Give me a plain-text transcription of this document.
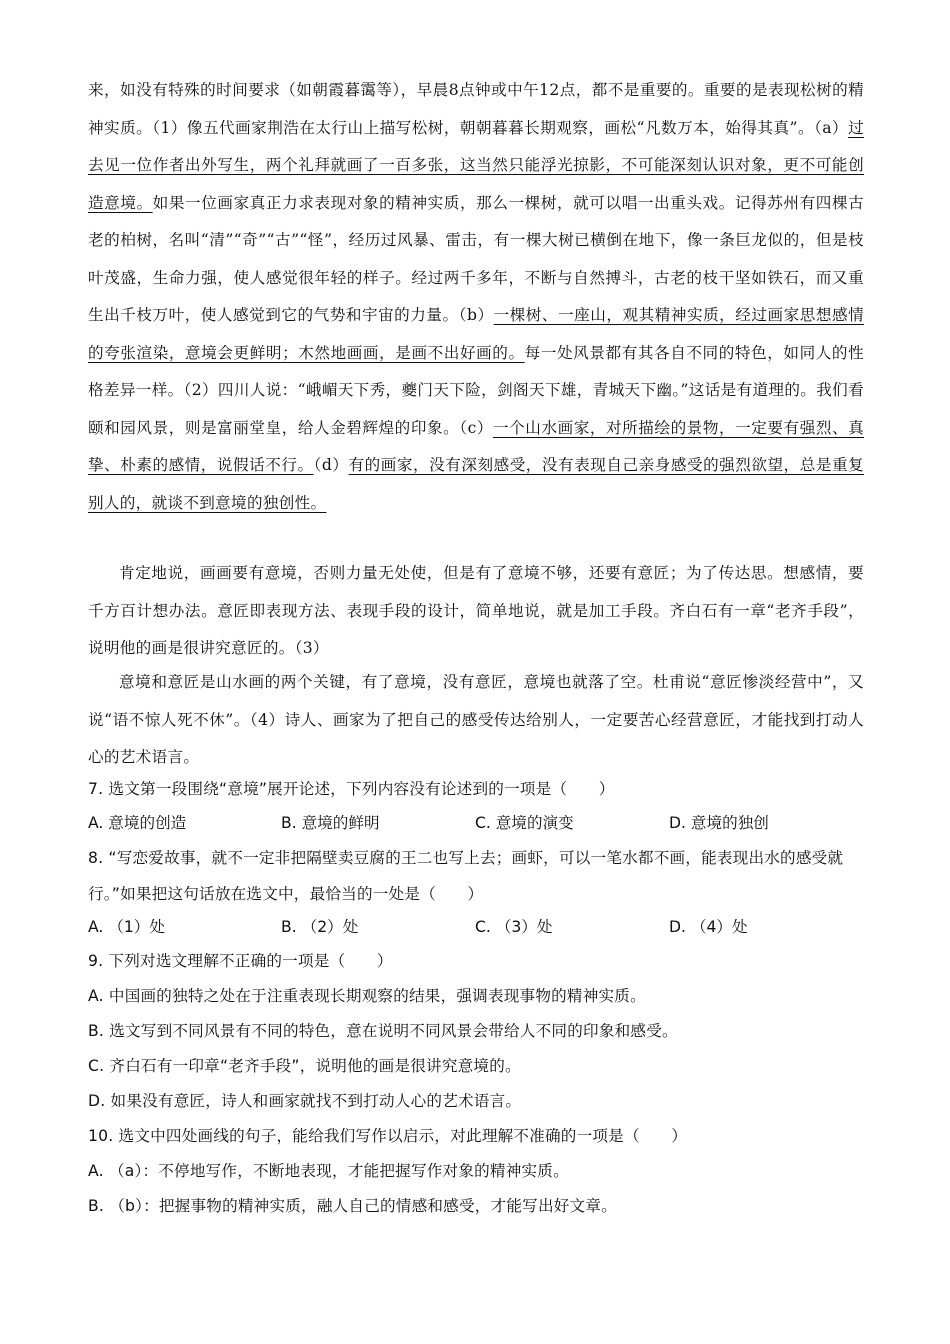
来，如没有特殊的时间要求（如朝霞暮霭等），早晨8点钟或中午12点，都不是重要的。重要的是表现松树的精神实质。（1）像五代画家荆浩在太行山上描写松树，朝朝暮暮长期观察，画松“凡数万本，始得其真”。（a）过去见一位作者出外写生，两个礼拜就画了一百多张，这当然只能浮光掠影，不可能深刻认识对象，更不可能创造意境。如果一位画家真正力求表现对象的精神实质，那么一棵树，就可以唱一出重头戏。记得苏州有四棵古老的柏树，名叫“清”“奇”“古”“怪”，经历过风暴、雷击，有一棵大树已横倒在地下，像一条巨龙似的，但是枝叶茂盛，生命力强，使人感觉很年轻的样子。经过两千多年，不断与自然搏斗，古老的枝干坚如铁石，而又重生出千枝万叶，使人感觉到它的气势和宇宙的力量。（b）一棵树、一座山，观其精神实质，经过画家思想感情的夸张渲染，意境会更鲜明；木然地画画，是画不出好画的。每一处风景都有其各自不同的特色，如同人的性格差异一样。（2）四川人说：“峨嵋天下秀，夔门天下险，剑阁天下雄，青城天下幽。”这话是有道理的。我们看颐和园风景，则是富丽堂皇，给人金碧辉煌的印象。（c）一个山水画家，对所描绘的景物，一定要有强烈、真挚、朴素的感情，说假话不行。（d）有的画家，没有深刻感受，没有表现自己亲身感受的强烈欲望，总是重复别人的，就谈不到意境的独创性。

肯定地说，画画要有意境，否则力量无处使，但是有了意境不够，还要有意匠；为了传达思。想感情，要千方百计想办法。意匠即表现方法、表现手段的设计，简单地说，就是加工手段。齐白石有一章“老齐手段”，说明他的画是很讲究意匠的。（3）

意境和意匠是山水画的两个关键，有了意境，没有意匠，意境也就落了空。杜甫说“意匠惨淡经营中”，又说“语不惊人死不休”。（4）诗人、画家为了把自己的感受传达给别人，一定要苦心经营意匠，才能找到打动人心的艺术语言。

7. 选文第一段围绕“意境”展开论述，下列内容没有论述到的一项是（　　）

A. 意境的创造	B. 意境的鲜明	C. 意境的演变	D. 意境的独创

8. “写恋爱故事，就不一定非把隔壁卖豆腐的王二也写上去；画虾，可以一笔水都不画，能表现出水的感受就行。”如果把这句话放在选文中，最恰当的一处是（　　）

A. （1）处	B. （2）处	C. （3）处	D. （4）处

9. 下列对选文理解不正确的一项是（　　）

A. 中国画的独特之处在于注重表现长期观察的结果，强调表现事物的精神实质。

B. 选文写到不同风景有不同的特色，意在说明不同风景会带给人不同的印象和感受。

C. 齐白石有一印章“老齐手段”，说明他的画是很讲究意境的。

D. 如果没有意匠，诗人和画家就找不到打动人心的艺术语言。

10. 选文中四处画线的句子，能给我们写作以启示，对此理解不准确的一项是（　　）

A. （a）：不停地写作，不断地表现，才能把握写作对象的精神实质。

B. （b）：把握事物的精神实质，融人自己的情感和感受，才能写出好文章。
